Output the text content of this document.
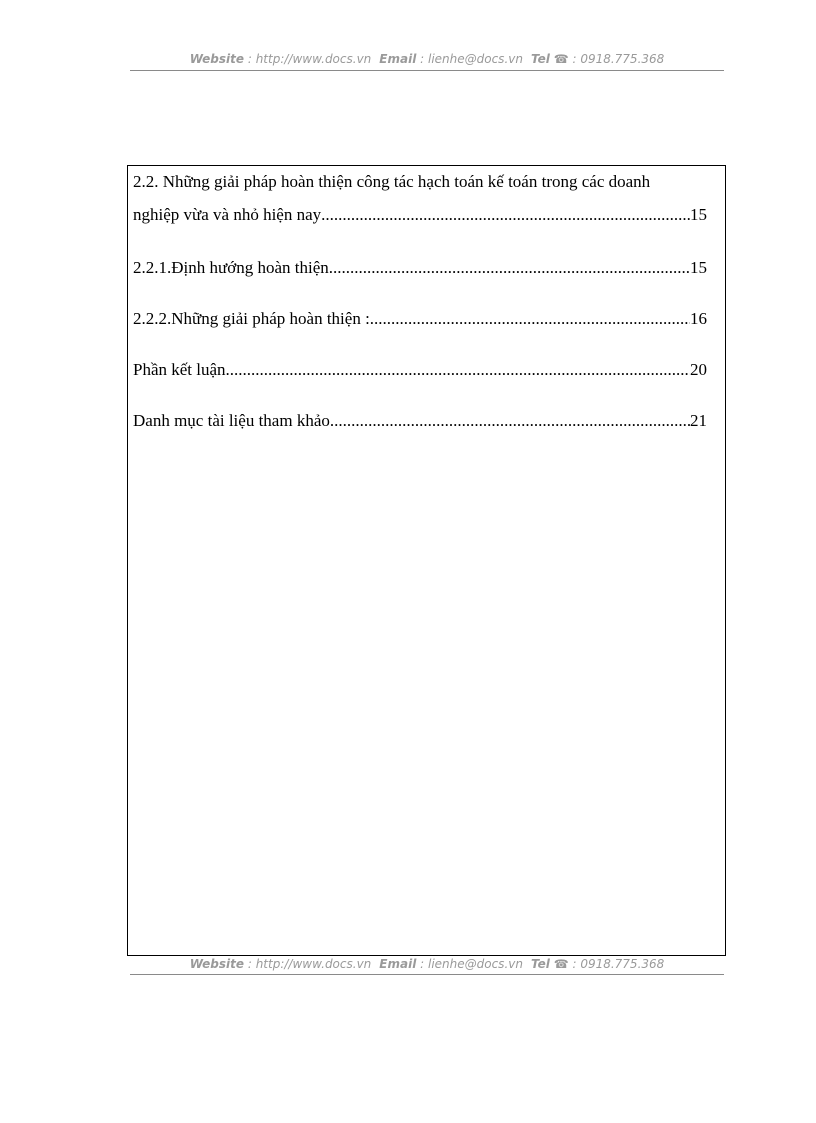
Website : http://www.docs.vn Email : lienhe@docs.vn Tel ☎ : 0918.775.368
2.2. Những giải pháp hoàn thiện công tác hạch toán kế toán trong các doanh
nghiệp vừa và nhỏ hiện nay .....	15
2.2.1.Định hướng hoàn thiện. .....	15
2.2.2.Những giải pháp hoàn thiện : .....	16
Phần kết luận .....	20
Danh mục tài liệu tham khảo .....	21
Website : http://www.docs.vn Email : lienhe@docs.vn Tel ☎ : 0918.775.368
